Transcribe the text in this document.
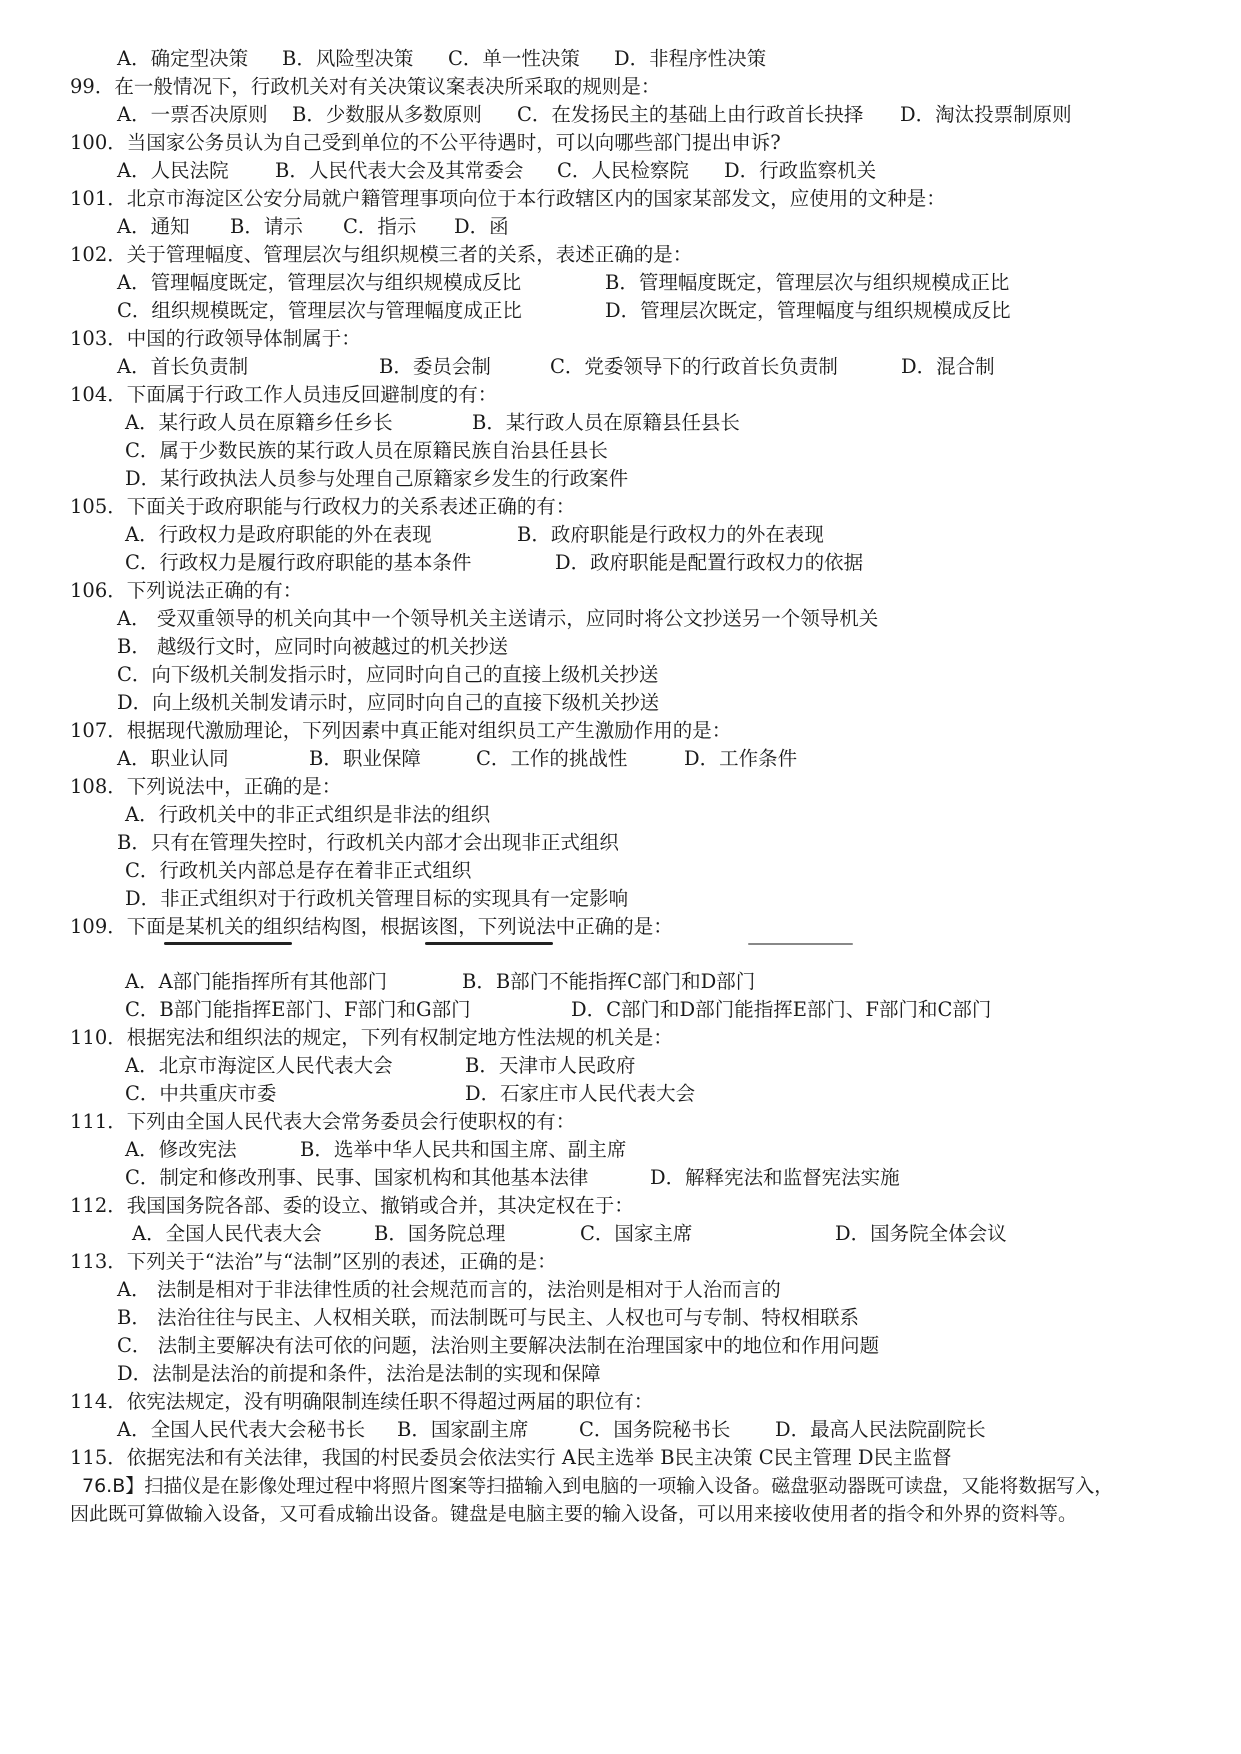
A．确定型决策 B．风险型决策 C．单一性决策 D．非程序性决策
99．在一般情况下，行政机关对有关决策议案表决所采取的规则是：
A．一票否决原则 B．少数服从多数原则 C．在发扬民主的基础上由行政首长抉择 D．淘汰投票制原则
100．当国家公务员认为自己受到单位的不公平待遇时，可以向哪些部门提出申诉?
A．人民法院 B．人民代表大会及其常委会 C．人民检察院 D．行政监察机关
101．北京市海淀区公安分局就户籍管理事项向位于本行政辖区内的国家某部发文，应使用的文种是：
A．通知 B．请示 C．指示 D．函
102．关于管理幅度、管理层次与组织规模三者的关系，表述正确的是：
A．管理幅度既定，管理层次与组织规模成反比	B．管理幅度既定，管理层次与组织规模成正比
C．组织规模既定，管理层次与管理幅度成正比	D．管理层次既定，管理幅度与组织规模成反比
103．中国的行政领导体制属于：
A．首长负责制	B．委员会制	C．党委领导下的行政首长负责制	D．混合制
104．下面属于行政工作人员违反回避制度的有：
A．某行政人员在原籍乡任乡长	B．某行政人员在原籍县任县长
C．属于少数民族的某行政人员在原籍民族自治县任县长
D．某行政执法人员参与处理自己原籍家乡发生的行政案件
105．下面关于政府职能与行政权力的关系表述正确的有：
A．行政权力是政府职能的外在表现	B．政府职能是行政权力的外在表现
C．行政权力是履行政府职能的基本条件	D．政府职能是配置行政权力的依据
106．下列说法正确的有：
A． 受双重领导的机关向其中一个领导机关主送请示，应同时将公文抄送另一个领导机关
B． 越级行文时，应同时向被越过的机关抄送
C．向下级机关制发指示时，应同时向自己的直接上级机关抄送
D．向上级机关制发请示时，应同时向自己的直接下级机关抄送
107．根据现代激励理论，下列因素中真正能对组织员工产生激励作用的是：
A．职业认同	B．职业保障	C．工作的挑战性	D．工作条件
108．下列说法中，正确的是：
A．行政机关中的非正式组织是非法的组织
B．只有在管理失控时，行政机关内部才会出现非正式组织
C．行政机关内部总是存在着非正式组织
D．非正式组织对于行政机关管理目标的实现具有一定影响
109．下面是某机关的组织结构图，根据该图，下列说法中正确的是：
A．A部门能指挥所有其他部门	B．B部门不能指挥C部门和D部门
C．B部门能指挥E部门、F部门和G部门	D．C部门和D部门能指挥E部门、F部门和C部门
110．根据宪法和组织法的规定，下列有权制定地方性法规的机关是：
A．北京市海淀区人民代表大会	B．天津市人民政府
C．中共重庆市委	D．石家庄市人民代表大会
111．下列由全国人民代表大会常务委员会行使职权的有：
A．修改宪法	B．选举中华人民共和国主席、副主席
C．制定和修改刑事、民事、国家机构和其他基本法律	D．解释宪法和监督宪法实施
112．我国国务院各部、委的设立、撤销或合并，其决定权在于：
A．全国人民代表大会	B．国务院总理	C．国家主席	D．国务院全体会议
113．下列关于“法治”与“法制”区别的表述，正确的是：
A． 法制是相对于非法律性质的社会规范而言的，法治则是相对于人治而言的
B． 法治往往与民主、人权相关联，而法制既可与民主、人权也可与专制、特权相联系
C． 法制主要解决有法可依的问题，法治则主要解决法制在治理国家中的地位和作用问题
D．法制是法治的前提和条件，法治是法制的实现和保障
114．依宪法规定，没有明确限制连续任职不得超过两届的职位有：
A．全国人民代表大会秘书长 B．国家副主席	C．国务院秘书长 D．最高人民法院副院长
115．依据宪法和有关法律，我国的村民委员会依法实行 A民主选举 B民主决策 C民主管理 D民主监督
76.B】扫描仪是在影像处理过程中将照片图案等扫描输入到电脑的一项输入设备。磁盘驱动器既可读盘，又能将数据写入，
因此既可算做输入设备，又可看成输出设备。键盘是电脑主要的输入设备，可以用来接收使用者的指令和外界的资料等。
